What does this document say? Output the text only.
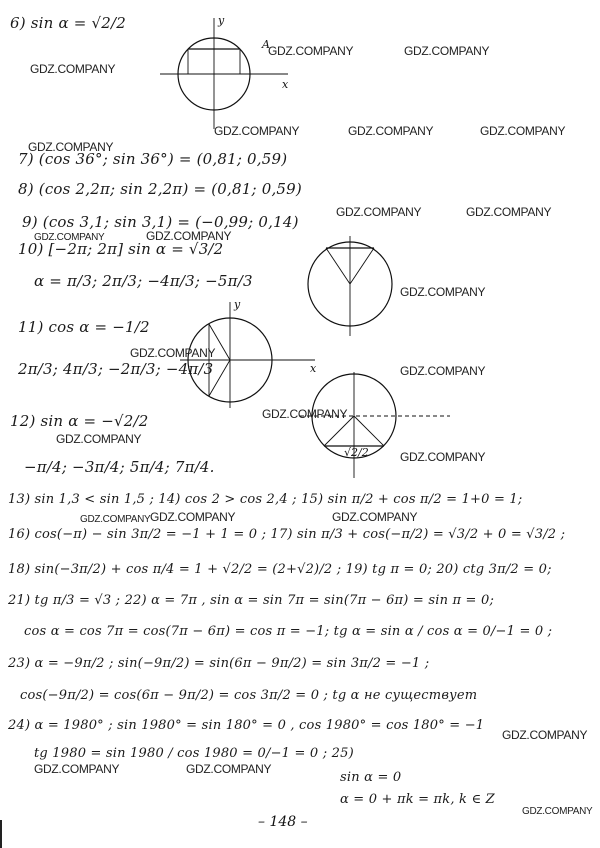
6) sin α = √2/2
7) (cos 36°; sin 36°) = (0,81; 0,59)
8) (cos 2,2π; sin 2,2π) = (0,81; 0,59)
9) (cos 3,1; sin 3,1) = (−0,99; 0,14)
10) [−2π; 2π] sin α = √3/2
α = π/3; 2π/3; −4π/3; −5π/3
11) cos α = −1/2
2π/3; 4π/3; −2π/3; −4π/3
12) sin α = −√2/2
−π/4; −3π/4; 5π/4; 7π/4.
13) sin 1,3 < sin 1,5 ; 14) cos 2 > cos 2,4 ; 15) sin π/2 + cos π/2 = 1+0 = 1;
16) cos(−π) − sin 3π/2 = −1 + 1 = 0 ; 17) sin π/3 + cos(−π/2) = √3/2 + 0 = √3/2 ;
18) sin(−3π/2) + cos π/4 = 1 + √2/2 = (2+√2)/2 ; 19) tg π = 0; 20) ctg 3π/2 = 0;
21) tg π/3 = √3 ; 22) α = 7π , sin α = sin 7π = sin(7π − 6π) = sin π = 0;
cos α = cos 7π = cos(7π − 6π) = cos π = −1; tg α = sin α / cos α = 0/−1 = 0 ;
23) α = −9π/2 ; sin(−9π/2) = sin(6π − 9π/2) = sin 3π/2 = −1 ;
cos(−9π/2) = cos(6π − 9π/2) = cos 3π/2 = 0 ; tg α не существует
24) α = 1980° ; sin 1980° = sin 180° = 0 , cos 1980° = cos 180° = −1
tg 1980 = sin 1980 / cos 1980 = 0/−1 = 0 ; 25)
sin α = 0
α = 0 + πk = πk, k ∈ Z
y
x
A
y
x
√2/2
GDZ.COMPANY
GDZ.COMPANY	GDZ.COMPANY
GDZ.COMPANY
GDZ.COMPANY	GDZ.COMPANY	GDZ.COMPANY
GDZ.COMPANY	GDZ.COMPANY
GDZ.COMPANY
GDZ.COMPANY
GDZ.COMPANY
GDZ.COMPANY
GDZ.COMPANY
GDZ.COMPANY
GDZ.COMPANY
GDZ.COMPANY
GDZ.COMPANY	GDZ.COMPANY
GDZ.COMPANY
GDZ.COMPANY
GDZ.COMPANY	GDZ.COMPANY
GDZ.COMPANY
– 148 –
